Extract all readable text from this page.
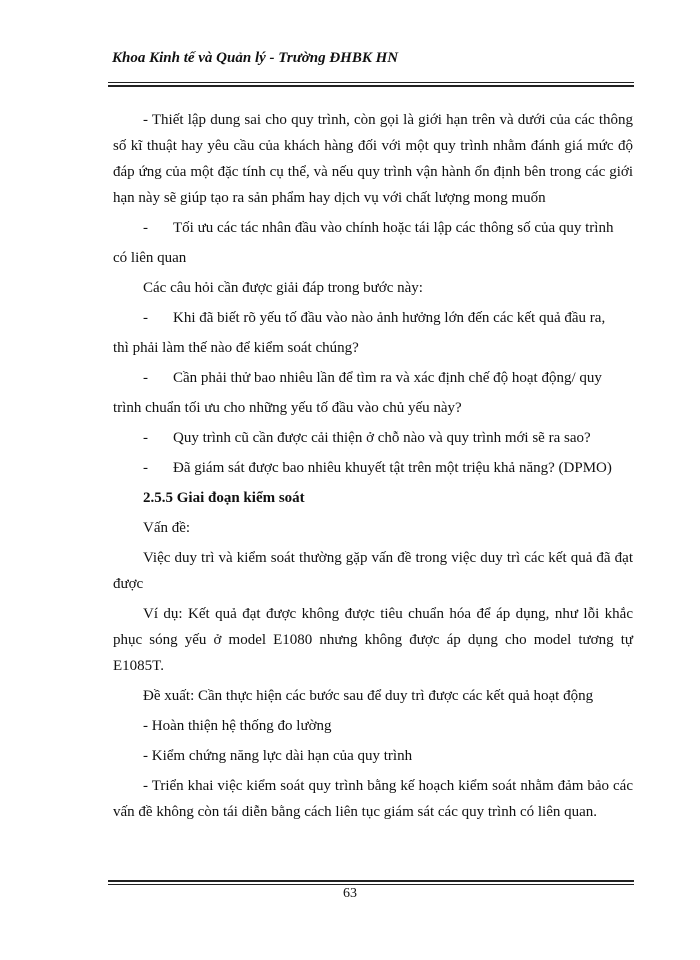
Khoa Kinh tế và Quản lý - Trường ĐHBK HN

- Thiết lập dung sai cho quy trình, còn gọi là giới hạn trên và dưới của các thông số kĩ thuật hay yêu cầu của khách hàng đối với một quy trình nhằm đánh giá mức độ đáp ứng của một đặc tính cụ thể, và nếu quy trình vận hành ổn định bên trong các giới hạn này sẽ giúp tạo ra sản phẩm hay dịch vụ với chất lượng mong muốn

-	Tối ưu các tác nhân đầu vào chính hoặc tái lập các thông số của quy trình

có liên quan

Các câu hỏi cần được giải đáp trong bước này:

-	Khi đã biết rõ yếu tố đầu vào nào ảnh hưởng lớn đến các kết quả đầu ra,

thì phải làm thế nào để kiểm soát chúng?

-	Cần phải thử bao nhiêu lần để tìm ra và xác định chế độ hoạt động/ quy

trình chuẩn tối ưu cho những yếu tố đầu vào chủ yếu này?

-	Quy trình cũ cần được cải thiện ở chỗ nào và quy trình mới sẽ ra sao?
-	Đã giám sát được bao nhiêu khuyết tật trên một triệu khả năng? (DPMO)

2.5.5 Giai đoạn kiểm soát

Vấn đề:

Việc duy trì và kiểm soát thường gặp vấn đề trong việc duy trì các kết quả đã đạt được

Ví dụ: Kết quả đạt được không được tiêu chuẩn hóa để áp dụng, như lỗi khắc phục sóng yếu ở model E1080 nhưng không được áp dụng cho model tương tự E1085T.

Đề xuất: Cần thực hiện các bước sau để duy trì được các kết quả hoạt động

- Hoàn thiện hệ thống đo lường

- Kiểm chứng năng lực dài hạn của quy trình

- Triển khai việc kiểm soát quy trình bằng kế hoạch kiểm soát nhằm đảm bảo các vấn đề không còn tái diễn bằng cách liên tục giám sát các quy trình có liên quan.

63
